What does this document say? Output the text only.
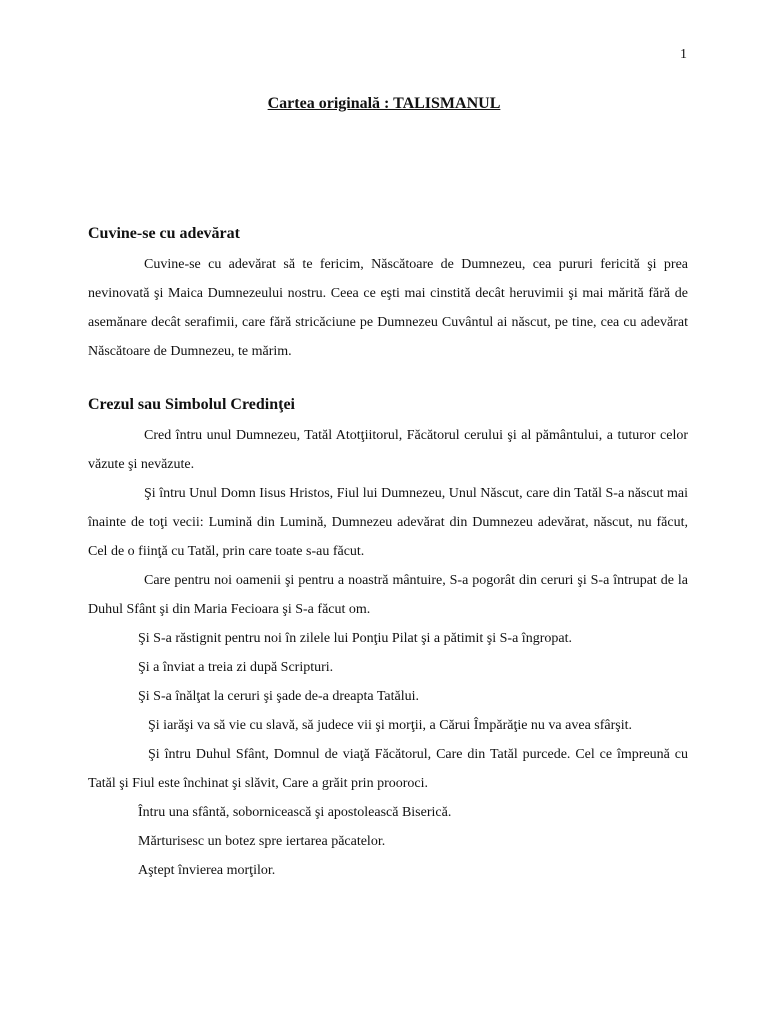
1
Cartea originală : TALISMANUL

Cuvine-se cu adevărat

Cuvine-se cu adevărat să te fericim, Născătoare de Dumnezeu, cea pururi fericită şi prea nevinovată şi Maica Dumnezeului nostru. Ceea ce eşti mai cinstită decât heruvimii şi mai mărită fără de asemănare decât serafimii, care fără stricăciune pe Dumnezeu Cuvântul ai născut, pe tine, cea cu adevărat Născătoare de Dumnezeu, te mărim.

Crezul sau Simbolul Credinţei

Cred întru unul Dumnezeu, Tatăl Atotţiitorul, Făcătorul cerului şi al pământului, a tuturor celor văzute şi nevăzute.

Şi întru Unul Domn Iisus Hristos, Fiul lui Dumnezeu, Unul Născut, care din Tatăl S-a născut mai înainte de toţi vecii: Lumină din Lumină, Dumnezeu adevărat din Dumnezeu adevărat, născut, nu făcut, Cel de o fiinţă cu Tatăl, prin care toate s-au făcut.

Care pentru noi oamenii şi pentru a noastră mântuire, S-a pogorât din ceruri şi S-a întrupat de la Duhul Sfânt şi din Maria Fecioara şi S-a făcut om.

Şi S-a răstignit pentru noi în zilele lui Ponţiu Pilat şi a pătimit şi S-a îngropat.

Şi a înviat a treia zi după Scripturi.

Şi S-a înălţat la ceruri şi şade de-a dreapta Tatălui.

Şi iarăşi va să vie cu slavă, să judece vii şi morţii, a Cărui Împărăţie nu va avea sfârşit.

Şi întru Duhul Sfânt, Domnul de viaţă Făcătorul, Care din Tatăl purcede. Cel ce împreună cu Tatăl şi Fiul este închinat şi slăvit, Care a grăit prin prooroci.

Întru una sfântă, sobornicească şi apostolească Biserică.

Mărturisesc un botez spre iertarea păcatelor.

Aştept învierea morţilor.
